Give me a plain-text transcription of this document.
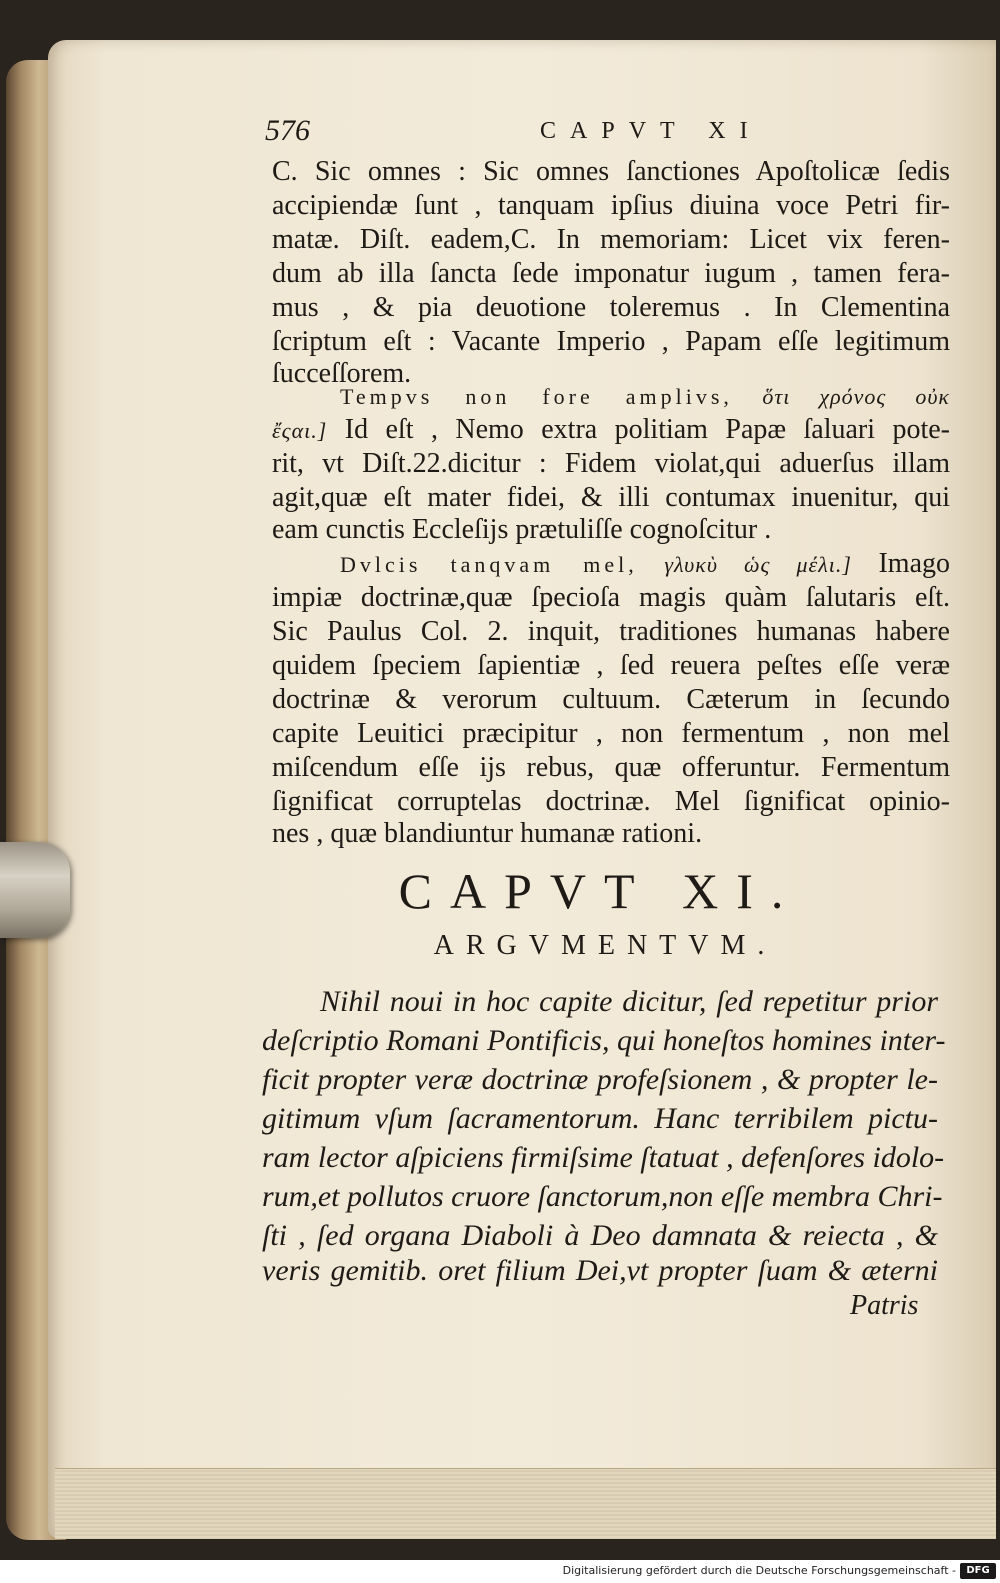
576	CAPVT XI
C. Sic omnes : Sic omnes ſanctiones Apoſtolicæ ſedis
accipiendæ ſunt , tanquam ipſius diuina voce Petri fir-
matæ. Diſt. eadem,C. In memoriam: Licet vix feren-
dum ab illa ſancta ſede imponatur iugum , tamen fera-
mus , & pia deuotione toleremus . In Clementina
ſcriptum eſt : Vacante Imperio , Papam eſſe legitimum
ſucceſſorem.
Tempvs non fore amplivs, ὅτι χρόνος οὐκ
ἔςαι.] Id eſt , Nemo extra politiam Papæ ſaluari pote-
rit, vt Diſt.22.dicitur : Fidem violat,qui aduerſus illam
agit,quæ eſt mater fidei, & illi contumax inuenitur, qui
eam cunctis Eccleſijs prætuliſſe cognoſcitur .
Dvlcis tanqvam mel, γλυκὺ ὡς μέλι.] Imago
impiæ doctrinæ,quæ ſpecioſa magis quàm ſalutaris eſt.
Sic Paulus Col. 2. inquit, traditiones humanas habere
quidem ſpeciem ſapientiæ , ſed reuera peſtes eſſe veræ
doctrinæ & verorum cultuum. Cæterum in ſecundo
capite Leuitici præcipitur , non fermentum , non mel
miſcendum eſſe ijs rebus, quæ offeruntur. Fermentum
ſignificat corruptelas doctrinæ. Mel ſignificat opinio-
nes , quæ blandiuntur humanæ rationi.
CAPVT XI.
ARGVMENTVM.
Nihil noui in hoc capite dicitur, ſed repetitur prior
deſcriptio Romani Pontificis, qui honeſtos homines inter-
ficit propter veræ doctrinæ profeſsionem , & propter le-
gitimum vſum ſacramentorum. Hanc terribilem pictu-
ram lector aſpiciens firmiſsime ſtatuat , defenſores idolo-
rum,et pollutos cruore ſanctorum,non eſſe membra Chri-
ſti , ſed organa Diaboli à Deo damnata & reiecta , &
veris gemitib. oret filium Dei,vt propter ſuam & æterni
Patris
Digitalisierung gefördert durch die Deutsche Forschungsgemeinschaft -	DFG
